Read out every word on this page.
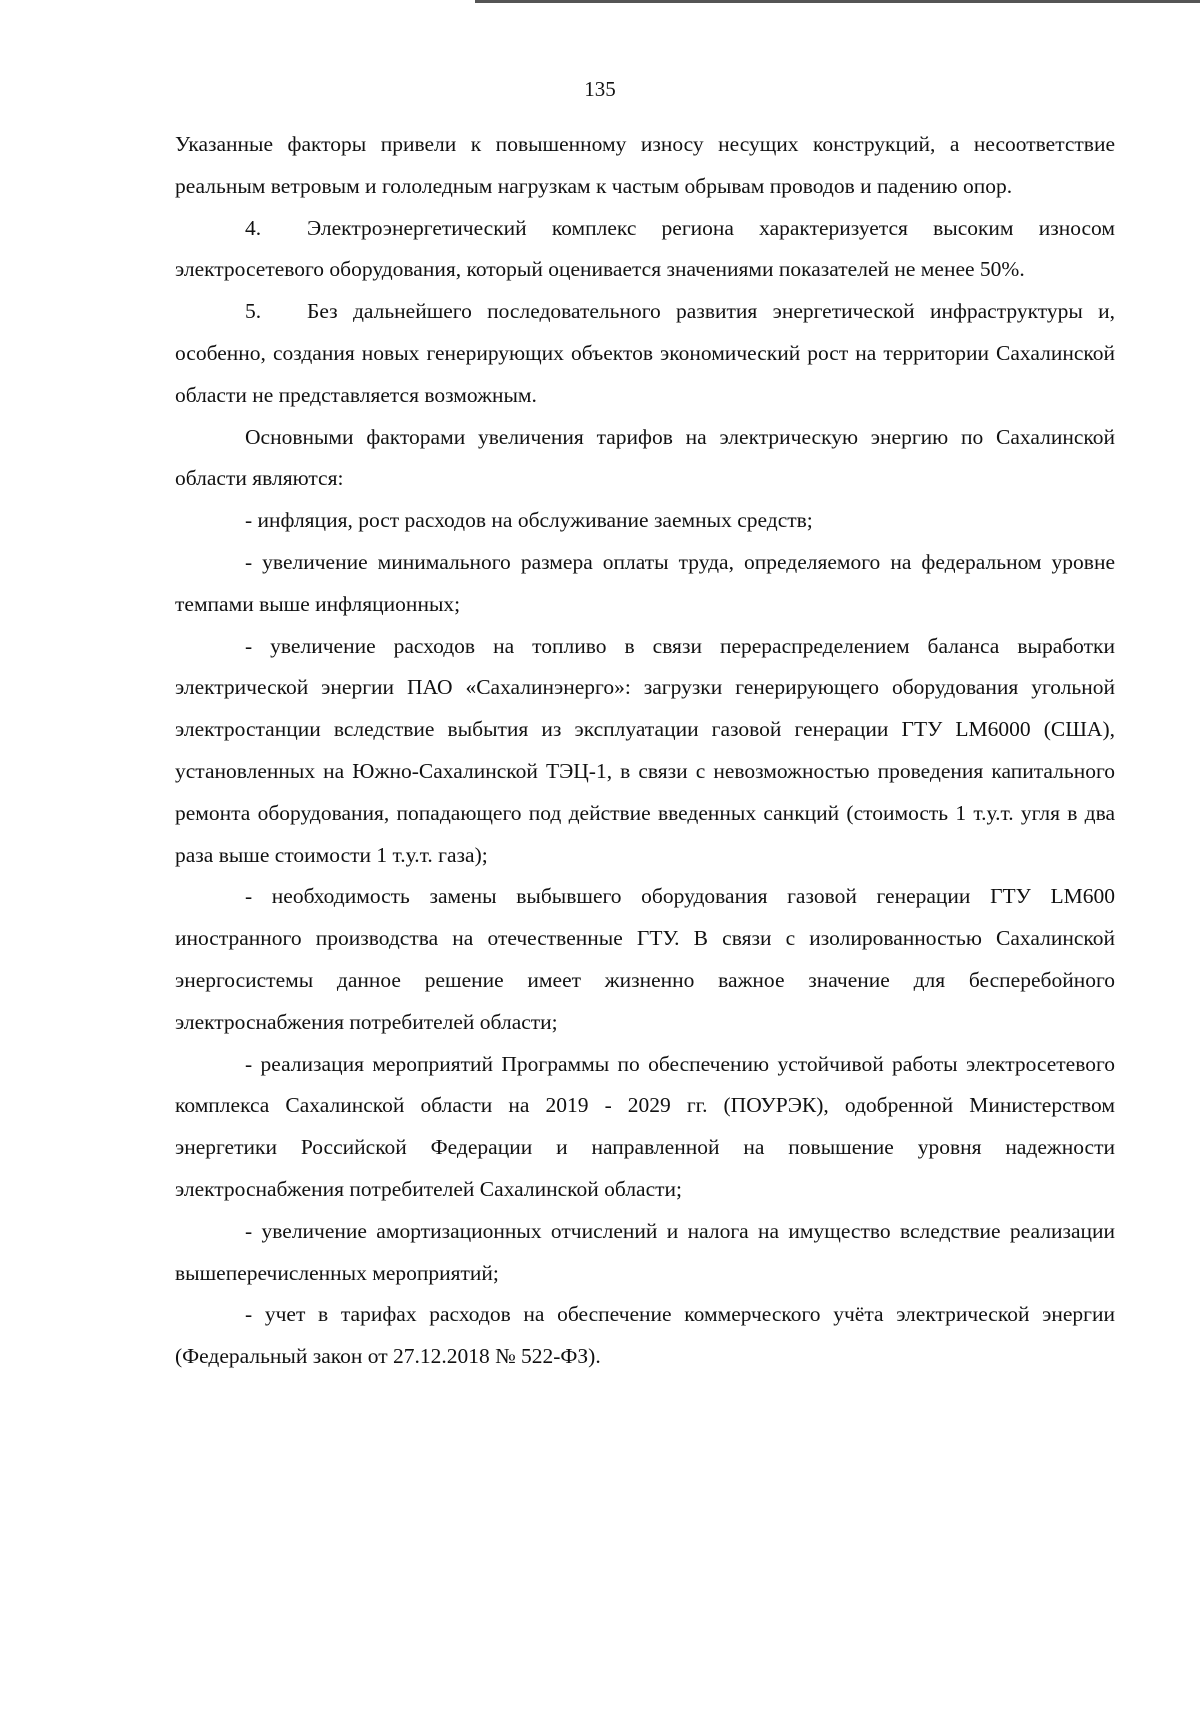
135

Указанные факторы привели к повышенному износу несущих конструкций, а несоответствие реальным ветровым и гололедным нагрузкам к частым обрывам проводов и падению опор.

4. Электроэнергетический комплекс региона характеризуется высоким износом электросетевого оборудования, который оценивается значениями показателей не менее 50%.

5. Без дальнейшего последовательного развития энергетической инфраструктуры и, особенно, создания новых генерирующих объектов экономический рост на территории Сахалинской области не представляется возможным.

Основными факторами увеличения тарифов на электрическую энергию по Сахалинской области являются:

- инфляция, рост расходов на обслуживание заемных средств;

- увеличение минимального размера оплаты труда, определяемого на федеральном уровне темпами выше инфляционных;

- увеличение расходов на топливо в связи перераспределением баланса выработки электрической энергии ПАО «Сахалинэнерго»: загрузки генерирующего оборудования угольной электростанции вследствие выбытия из эксплуатации газовой генерации ГТУ LM6000 (США), установленных на Южно-Сахалинской ТЭЦ-1, в связи с невозможностью проведения капитального ремонта оборудования, попадающего под действие введенных санкций (стоимость 1 т.у.т. угля в два раза выше стоимости 1 т.у.т. газа);

- необходимость замены выбывшего оборудования газовой генерации ГТУ LM600 иностранного производства на отечественные ГТУ. В связи с изолированностью Сахалинской энергосистемы данное решение имеет жизненно важное значение для бесперебойного электроснабжения потребителей области;

- реализация мероприятий Программы по обеспечению устойчивой работы электросетевого комплекса Сахалинской области на 2019 - 2029 гг. (ПОУРЭК), одобренной Министерством энергетики Российской Федерации и направленной на повышение уровня надежности электроснабжения потребителей Сахалинской области;

- увеличение амортизационных отчислений и налога на имущество вследствие реализации вышеперечисленных мероприятий;

- учет в тарифах расходов на обеспечение коммерческого учёта электрической энергии (Федеральный закон от 27.12.2018 № 522-ФЗ).
